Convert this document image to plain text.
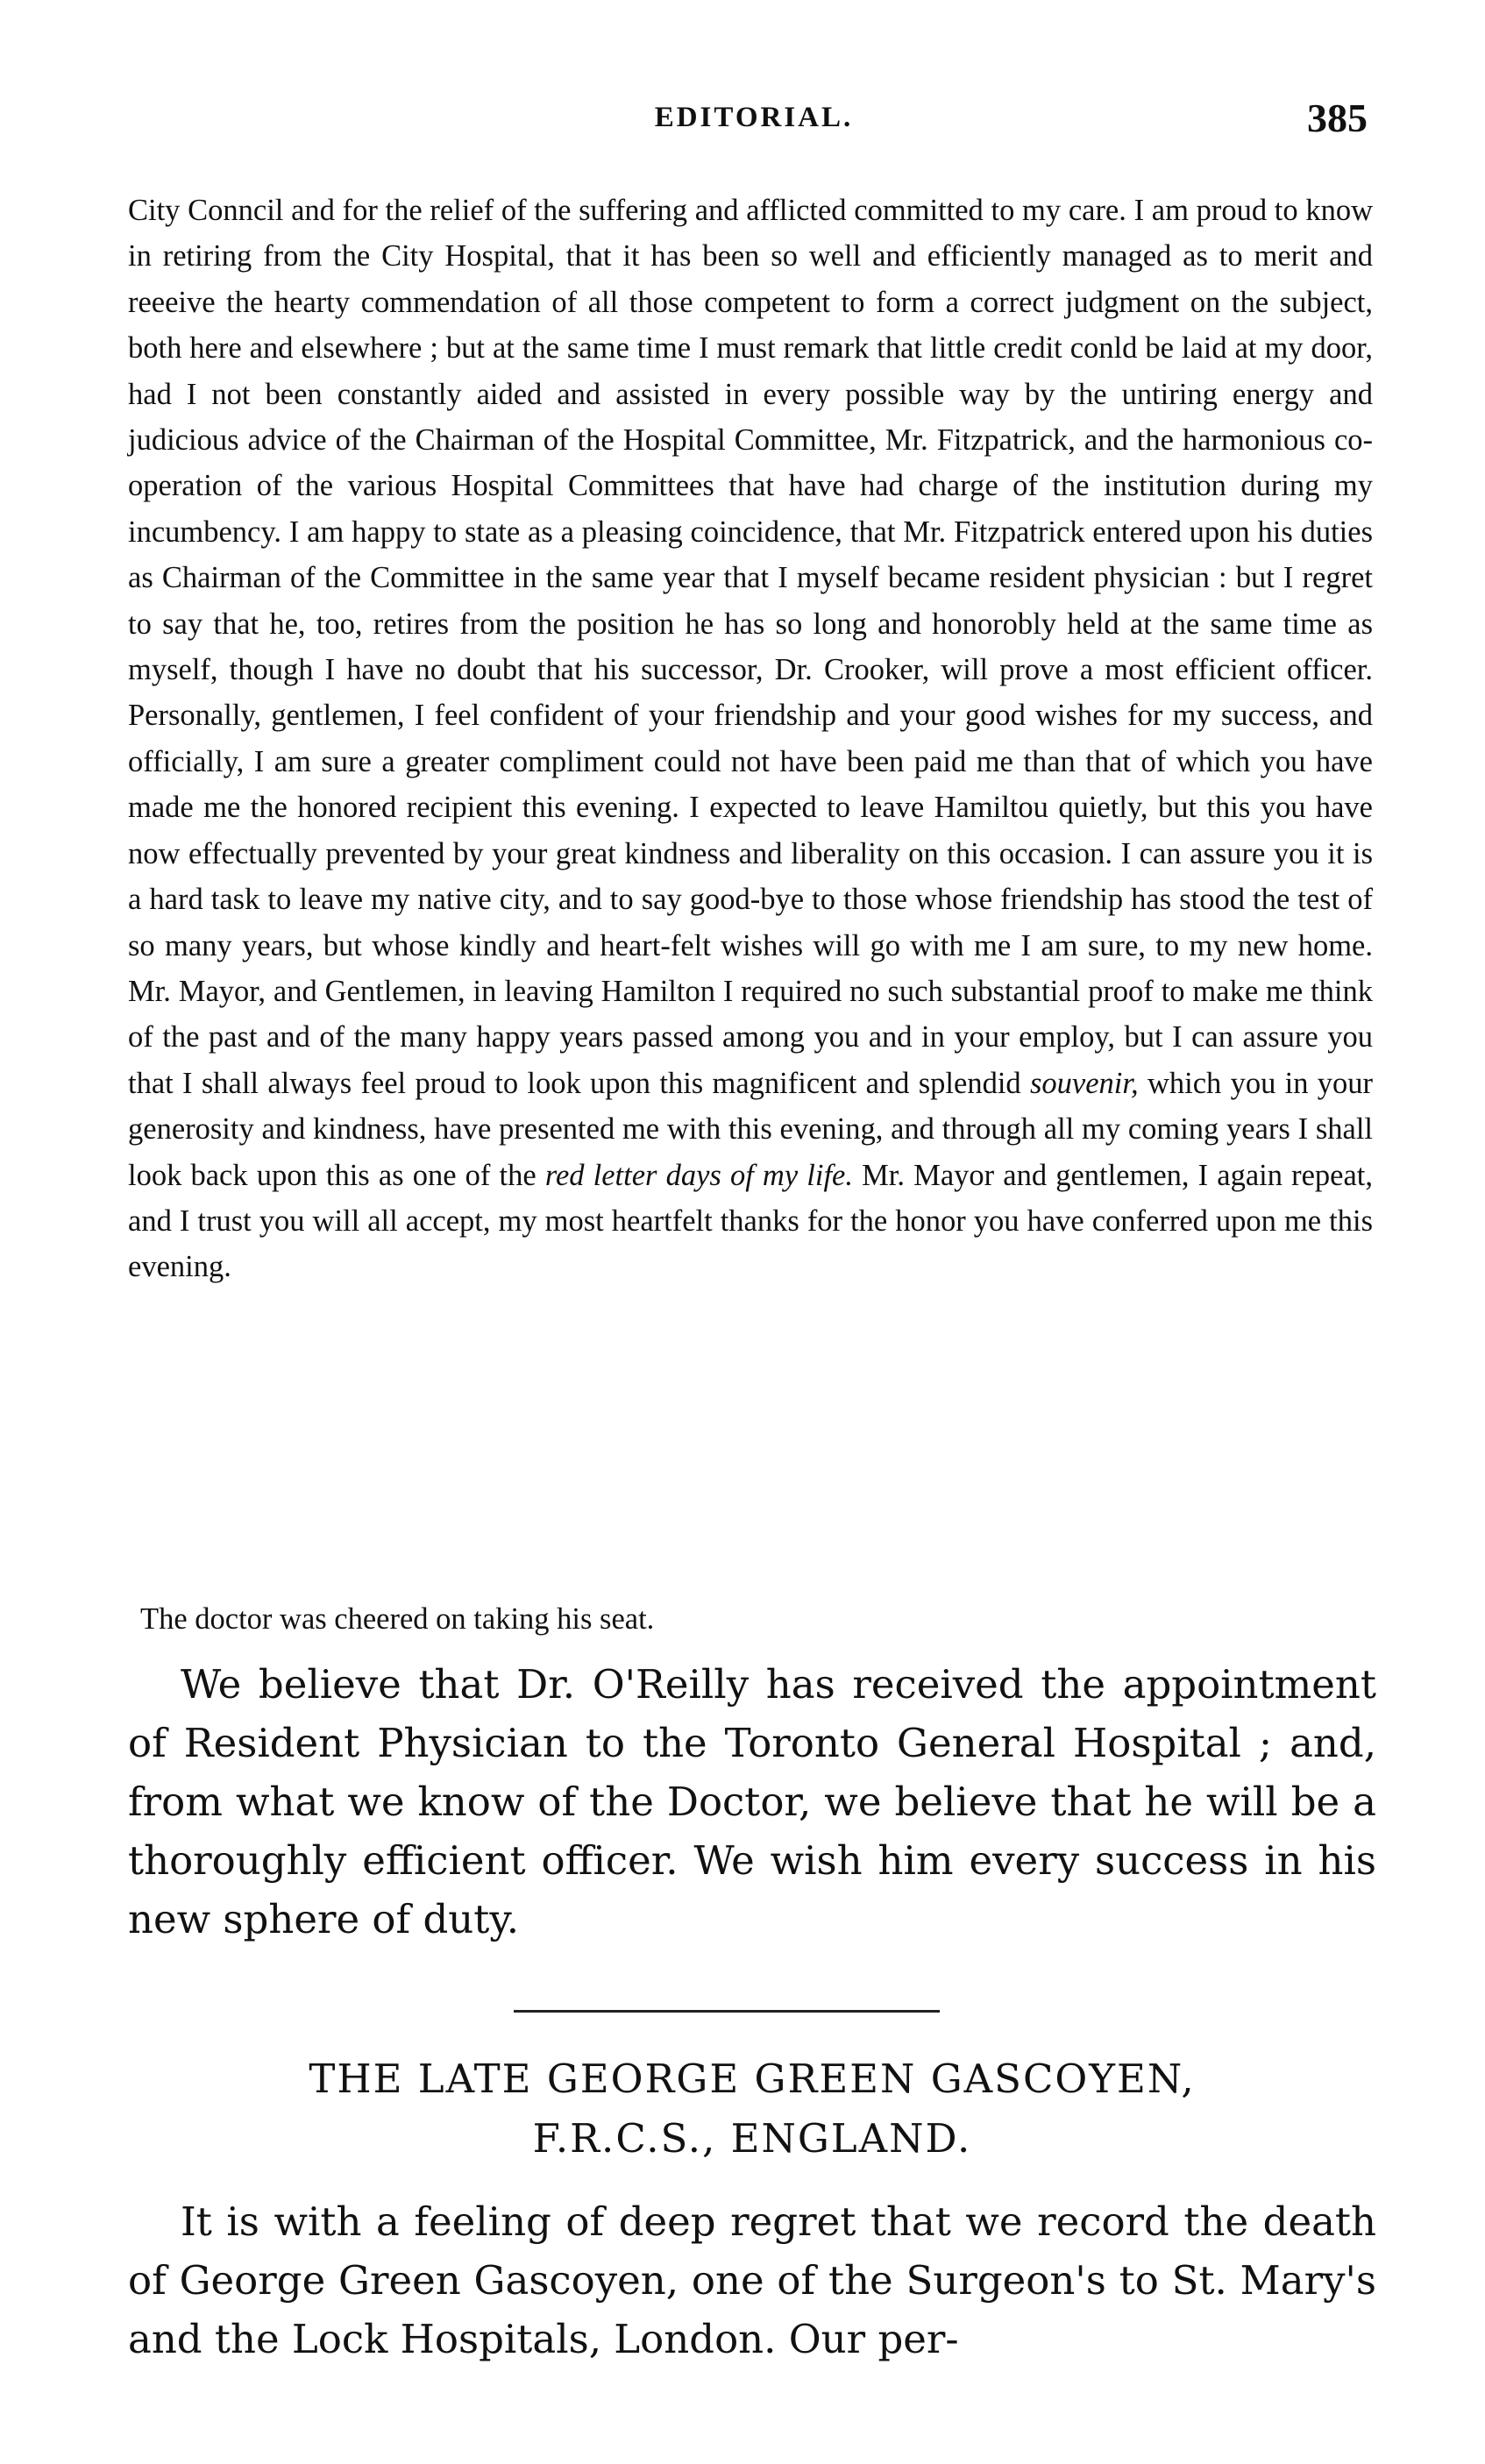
EDITORIAL.	385

City Conncil and for the relief of the suffering and afflicted committed to my care. I am proud to know in retiring from the City Hospital, that it has been so well and efficiently managed as to merit and reeeive the hearty commendation of all those competent to form a correct judgment on the subject, both here and elsewhere ; but at the same time I must remark that little credit conld be laid at my door, had I not been constantly aided and assisted in every possible way by the untiring energy and judicious advice of the Chairman of the Hospital Committee, Mr. Fitzpatrick, and the harmonious co-operation of the various Hospital Committees that have had charge of the institution during my incumbency. I am happy to state as a pleasing coincidence, that Mr. Fitzpatrick entered upon his duties as Chairman of the Committee in the same year that I myself became resident physician : but I regret to say that he, too, retires from the position he has so long and honorobly held at the same time as myself, though I have no doubt that his successor, Dr. Crooker, will prove a most efficient officer. Personally, gentlemen, I feel confident of your friendship and your good wishes for my success, and officially, I am sure a greater compliment could not have been paid me than that of which you have made me the honored recipient this evening. I expected to leave Hamiltou quietly, but this you have now effectually prevented by your great kindness and liberality on this occasion. I can assure you it is a hard task to leave my native city, and to say good-bye to those whose friendship has stood the test of so many years, but whose kindly and heart-felt wishes will go with me I am sure, to my new home. Mr. Mayor, and Gentlemen, in leaving Hamilton I required no such substantial proof to make me think of the past and of the many happy years passed among you and in your employ, but I can assure you that I shall always feel proud to look upon this magnificent and splendid souvenir, which you in your generosity and kindness, have presented me with this evening, and through all my coming years I shall look back upon this as one of the red letter days of my life. Mr. Mayor and gentlemen, I again repeat, and I trust you will all accept, my most heartfelt thanks for the honor you have conferred upon me this evening.

The doctor was cheered on taking his seat.

We believe that Dr. O'Reilly has received the appointment of Resident Physician to the Toronto General Hospital ; and, from what we know of the Doctor, we believe that he will be a thoroughly efficient officer. We wish him every success in his new sphere of duty.

THE LATE GEORGE GREEN GASCOYEN,
F.R.C.S., ENGLAND.

It is with a feeling of deep regret that we record the death of George Green Gascoyen, one of the Surgeon's to St. Mary's and the Lock Hospitals, London. Our per-
